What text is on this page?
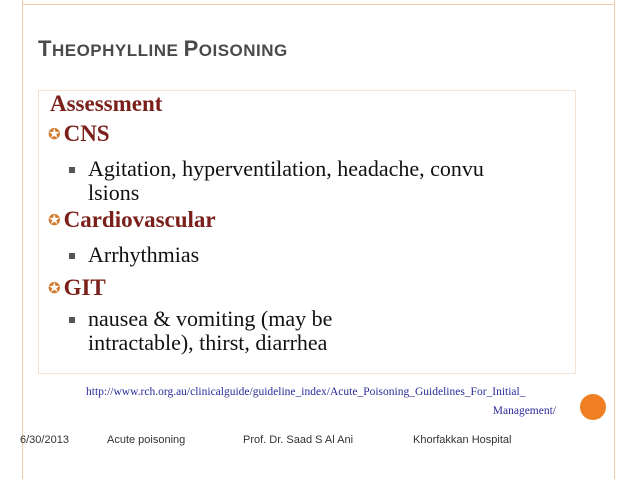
THEOPHYLLINE POISONING
Assessment
✪ CNS
Agitation, hyperventilation, headache, convu
lsions
✪ Cardiovascular
Arrhythmias
✪ GIT
nausea & vomiting (may be
intractable), thirst, diarrhea
http://www.rch.org.au/clinicalguide/guideline_index/Acute_Poisoning_Guidelines_For_Initial_
Management/
6/30/2013	Acute poisoning	Prof. Dr. Saad S Al Ani	Khorfakkan Hospital
